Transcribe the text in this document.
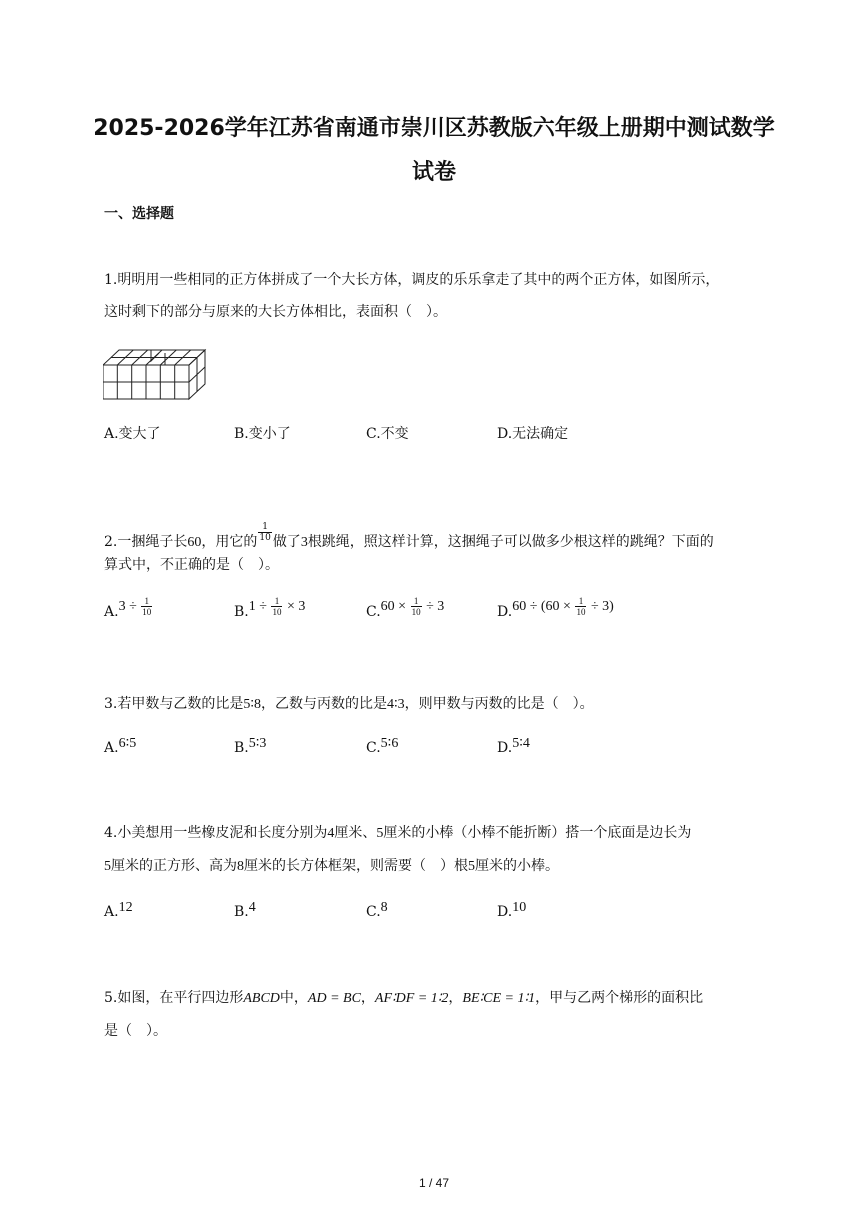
2025-2026学年江苏省南通市崇川区苏教版六年级上册期中测试数学
试卷
一、选择题
1.明明用一些相同的正方体拼成了一个大长方体，调皮的乐乐拿走了其中的两个正方体，如图所示，
这时剩下的部分与原来的大长方体相比，表面积（　）。
A.变大了	B.变小了	C.不变	D.无法确定
2.一捆绳子长60，用它的 $\frac{1}{10}$ 做了3根跳绳，照这样计算，这捆绳子可以做多少根这样的跳绳？下面的
算式中，不正确的是（　）。
$A.3 \div \frac{1}{10}$	$B.1 \div \frac{1}{10} \times 3$	$C.60 \times \frac{1}{10} \div 3$	$D.60 \div (60 \times \frac{1}{10} \div 3)$
3.若甲数与乙数的比是5∶8，乙数与丙数的比是4∶3，则甲数与丙数的比是（　）。
A.6∶5	B.5∶3	C.5∶6	D.5∶4
4.小美想用一些橡皮泥和长度分别为4厘米、5厘米的小棒（小棒不能折断）搭一个底面是边长为
5厘米的正方形、高为8厘米的长方体框架，则需要（　）根5厘米的小棒。
A.12	B.4	C.8	D.10
5.如图，在平行四边形ABCD中，AD = BC，AF∶DF = 1∶2，BE∶CE = 1∶1，甲与乙两个梯形的面积比
是（　）。
1 / 47
